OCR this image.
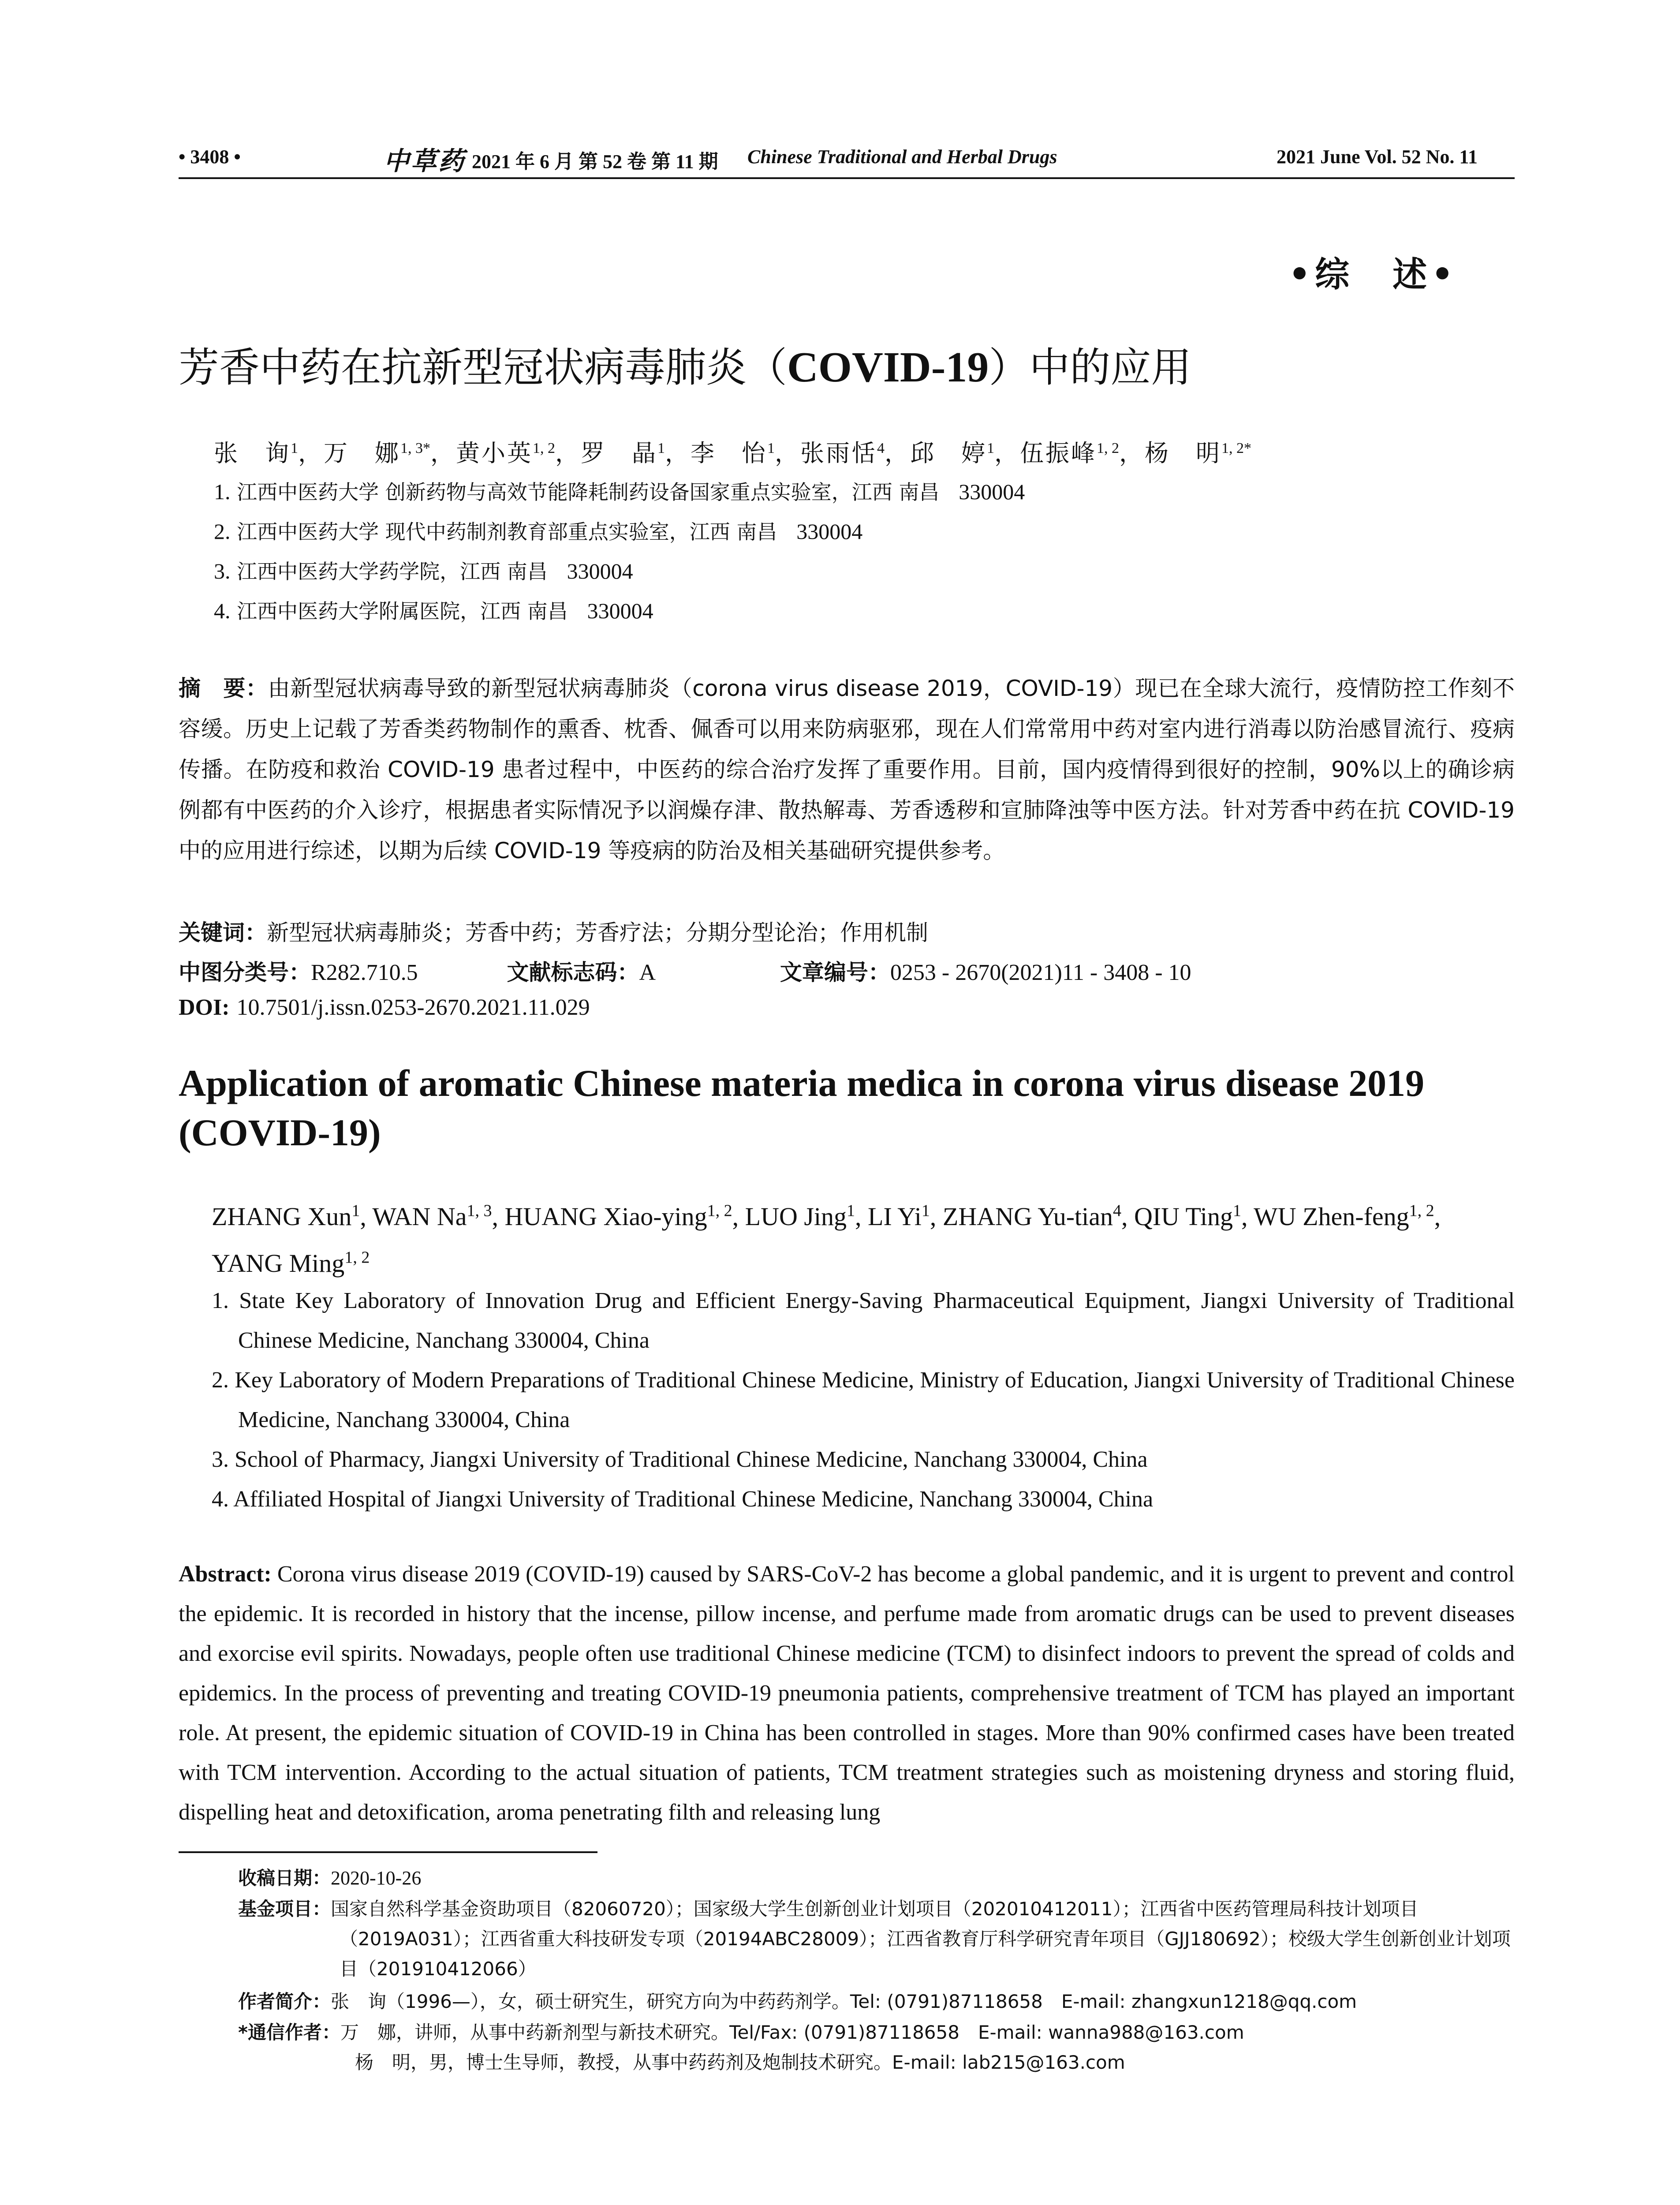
• 3408 •	中草药 2021 年 6 月 第 52 卷 第 11 期 Chinese Traditional and Herbal Drugs	2021 June Vol. 52 No. 11
•综　述•
芳香中药在抗新型冠状病毒肺炎（COVID-19）中的应用
张　询$^1$，万　娜$^{1, 3*}$，黄小英$^{1, 2}$，罗　晶$^1$，李　怡$^1$，张雨恬$^4$，邱　婷$^1$，伍振峰$^{1, 2}$，杨　明$^{1, 2*}$
1. 江西中医药大学 创新药物与高效节能降耗制药设备国家重点实验室，江西 南昌 330004
2. 江西中医药大学 现代中药制剂教育部重点实验室，江西 南昌 330004
3. 江西中医药大学药学院，江西 南昌 330004
4. 江西中医药大学附属医院，江西 南昌 330004
摘　要：由新型冠状病毒导致的新型冠状病毒肺炎（corona virus disease 2019，COVID-19）现已在全球大流行，疫情防控工作刻不容缓。历史上记载了芳香类药物制作的熏香、枕香、佩香可以用来防病驱邪，现在人们常常用中药对室内进行消毒以防治感冒流行、疫病传播。在防疫和救治 COVID-19 患者过程中，中医药的综合治疗发挥了重要作用。目前，国内疫情得到很好的控制，90%以上的确诊病例都有中医药的介入诊疗，根据患者实际情况予以润燥存津、散热解毒、芳香透秽和宣肺降浊等中医方法。针对芳香中药在抗 COVID-19 中的应用进行综述，以期为后续 COVID-19 等疫病的防治及相关基础研究提供参考。
关键词：新型冠状病毒肺炎；芳香中药；芳香疗法；分期分型论治；作用机制
中图分类号：R282.710.5	文献标志码：A	文章编号：0253 - 2670(2021)11 - 3408 - 10
DOI: 10.7501/j.issn.0253-2670.2021.11.029
Application of aromatic Chinese materia medica in corona virus disease 2019 (COVID-19)
ZHANG Xun$^1$, WAN Na$^{1, 3}$, HUANG Xiao-ying$^{1, 2}$, LUO Jing$^1$, LI Yi$^1$, ZHANG Yu-tian$^4$, QIU Ting$^1$, WU Zhen-feng$^{1, 2}$, YANG Ming$^{1, 2}$
1. State Key Laboratory of Innovation Drug and Efficient Energy-Saving Pharmaceutical Equipment, Jiangxi University of Traditional Chinese Medicine, Nanchang 330004, China
2. Key Laboratory of Modern Preparations of Traditional Chinese Medicine, Ministry of Education, Jiangxi University of Traditional Chinese Medicine, Nanchang 330004, China
3. School of Pharmacy, Jiangxi University of Traditional Chinese Medicine, Nanchang 330004, China
4. Affiliated Hospital of Jiangxi University of Traditional Chinese Medicine, Nanchang 330004, China
Abstract: Corona virus disease 2019 (COVID-19) caused by SARS-CoV-2 has become a global pandemic, and it is urgent to prevent and control the epidemic. It is recorded in history that the incense, pillow incense, and perfume made from aromatic drugs can be used to prevent diseases and exorcise evil spirits. Nowadays, people often use traditional Chinese medicine (TCM) to disinfect indoors to prevent the spread of colds and epidemics. In the process of preventing and treating COVID-19 pneumonia patients, comprehensive treatment of TCM has played an important role. At present, the epidemic situation of COVID-19 in China has been controlled in stages. More than 90% confirmed cases have been treated with TCM intervention. According to the actual situation of patients, TCM treatment strategies such as moistening dryness and storing fluid, dispelling heat and detoxification, aroma penetrating filth and releasing lung
收稿日期：2020-10-26
基金项目：国家自然科学基金资助项目（82060720）；国家级大学生创新创业计划项目（202010412011）；江西省中医药管理局科技计划项目（2019A031）；江西省重大科技研发专项（20194ABC28009）；江西省教育厅科学研究青年项目（GJJ180692）；校级大学生创新创业计划项目（201910412066）
作者简介：张　询（1996—），女，硕士研究生，研究方向为中药药剂学。Tel: (0791)87118658　E-mail: zhangxun1218@qq.com
*通信作者：万　娜，讲师，从事中药新剂型与新技术研究。Tel/Fax: (0791)87118658　E-mail: wanna988@163.com
杨　明，男，博士生导师，教授，从事中药药剂及炮制技术研究。E-mail: lab215@163.com
